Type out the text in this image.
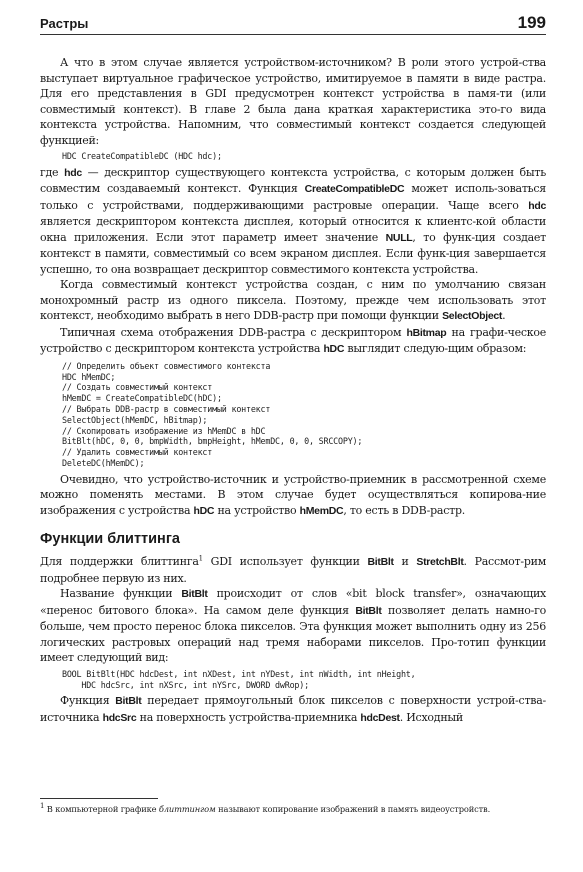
Растры	199

А что в этом случае является устройством-источником? В роли этого устрой-ства выступает виртуальное графическое устройство, имитируемое в памяти в виде растра. Для его представления в GDI предусмотрен контекст устройства в памя-ти (или совместимый контекст). В главе 2 была дана краткая характеристика это-го вида контекста устройства. Напомним, что совместимый контекст создается следующей функцией:

HDC CreateCompatibleDC (HDC hdc);

где hdc — дескриптор существующего контекста устройства, с которым должен быть совместим создаваемый контекст. Функция CreateCompatibleDC может исполь-зоваться только с устройствами, поддерживающими растровые операции. Чаще всего hdc является дескриптором контекста дисплея, который относится к клиентс-кой области окна приложения. Если этот параметр имеет значение NULL, то функ-ция создает контекст в памяти, совместимый со всем экраном дисплея. Если функ-ция завершается успешно, то она возвращает дескриптор совместимого контекста устройства.

Когда совместимый контекст устройства создан, с ним по умолчанию связан монохромный растр из одного пиксела. Поэтому, прежде чем использовать этот контекст, необходимо выбрать в него DDB-растр при помощи функции SelectObject.

Типичная схема отображения DDB-растра с дескриптором hBitmap на графи-ческое устройство с дескриптором контекста устройства hDC выглядит следую-щим образом:

// Определить объект совместимого контекста
HDC hMemDC;
// Создать совместимый контекст
hMemDC = CreateCompatibleDC(hDC);
// Выбрать DDB-растр в совместимый контекст
SelectObject(hMemDC, hBitmap);
// Скопировать изображение из hMemDC в hDC
BitBlt(hDC, 0, 0, bmpWidth, bmpHeight, hMemDC, 0, 0, SRCCOPY);
// Удалить совместимый контекст
DeleteDC(hMemDC);

Очевидно, что устройство-источник и устройство-приемник в рассмотренной схеме можно поменять местами. В этом случае будет осуществляться копирова-ние изображения с устройства hDC на устройство hMemDC, то есть в DDB-растр.

Функции блиттинга

Для поддержки блиттинга$^1$ GDI использует функции BitBlt и StretchBlt. Рассмот-рим подробнее первую из них.

Название функции BitBlt происходит от слов «bit block transfer», означающих «перенос битового блока». На самом деле функция BitBlt позволяет делать намно-го больше, чем просто перенос блока пикселов. Эта функция может выполнить одну из 256 логических растровых операций над тремя наборами пикселов. Про-тотип функции имеет следующий вид:

BOOL BitBlt(HDC hdcDest, int nXDest, int nYDest, int nWidth, int nHeight,
HDC hdcSrc, int nXSrc, int nYSrc, DWORD dwRop);

Функция BitBlt передает прямоугольный блок пикселов с поверхности устрой-ства-источника hdcSrc на поверхность устройства-приемника hdcDest. Исходный

$^1$ В компьютерной графике блиттингом называют копирование изображений в память видеоустройств.
